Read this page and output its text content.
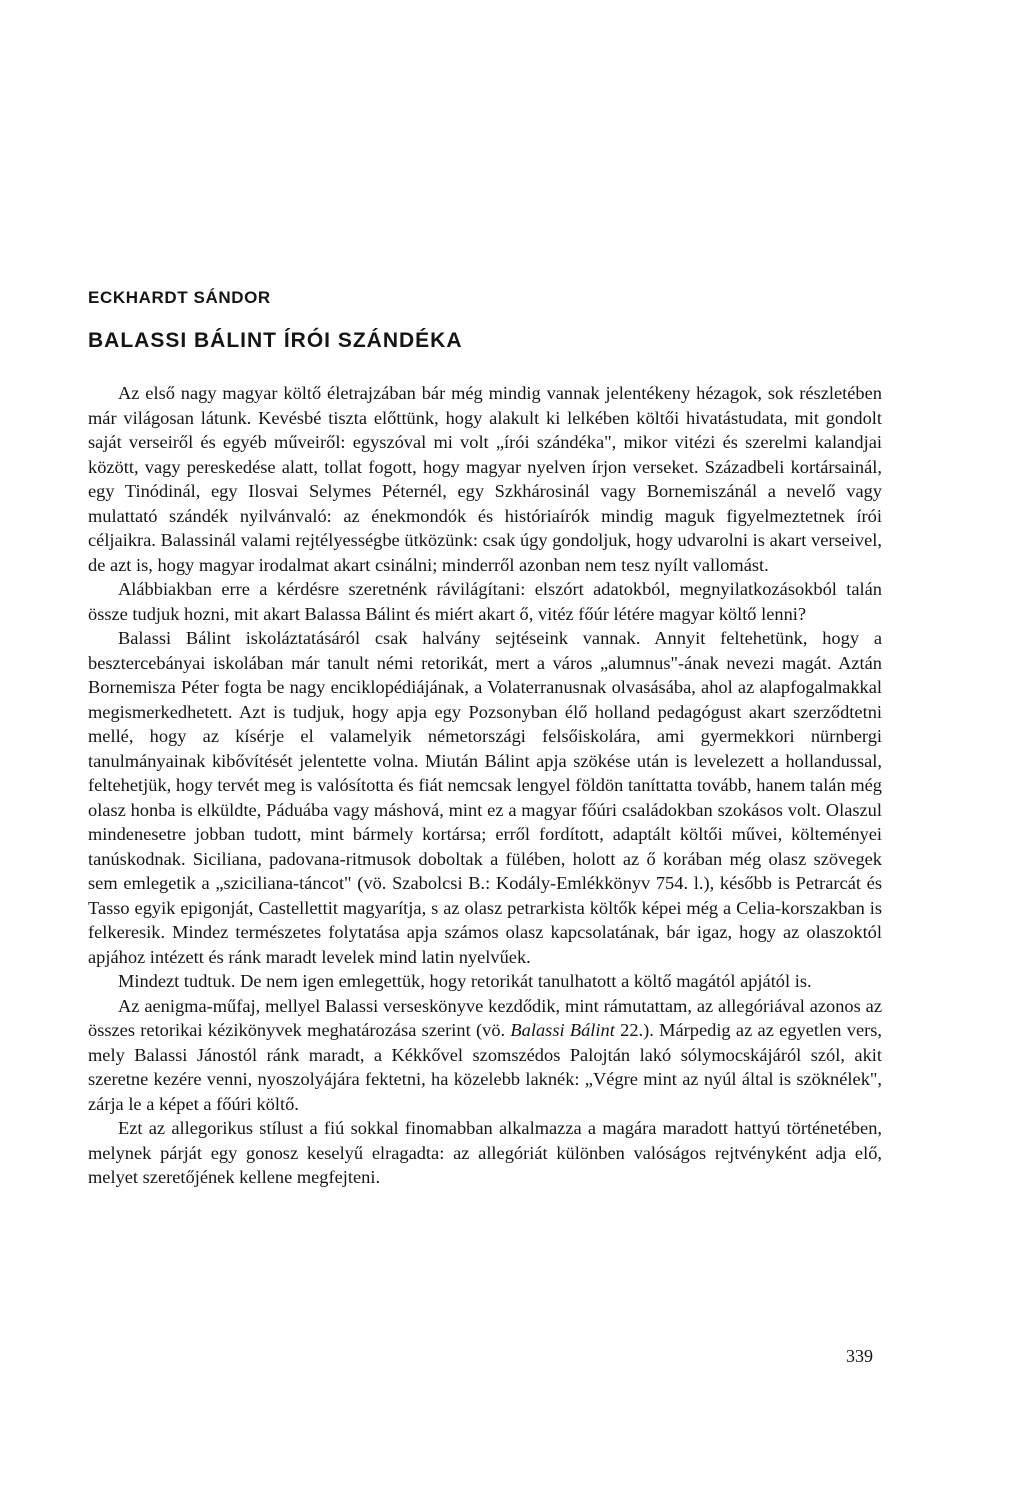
ECKHARDT SÁNDOR
BALASSI BÁLINT ÍRÓI SZÁNDÉKA

Az első nagy magyar költő életrajzában bár még mindig vannak jelentékeny hézagok, sok részletében már világosan látunk. Kevésbé tiszta előttünk, hogy alakult ki lelkében költői hivatástudata, mit gondolt saját verseiről és egyéb műveiről: egyszóval mi volt „írói szándéka", mikor vitézi és szerelmi kalandjai között, vagy pereskedése alatt, tollat fogott, hogy magyar nyelven írjon verseket. Századbeli kortársainál, egy Tinódinál, egy Ilosvai Selymes Péternél, egy Szkhárosinál vagy Bornemiszánál a nevelő vagy mulattató szándék nyilvánvaló: az énekmondók és históriaírók mindig maguk figyelmeztetnek írói céljaikra. Balassinál valami rejtélyességbe ütközünk: csak úgy gondoljuk, hogy udvarolni is akart verseivel, de azt is, hogy magyar irodalmat akart csinálni; minderről azonban nem tesz nyílt vallomást.

Alábbiakban erre a kérdésre szeretnénk rávilágítani: elszórt adatokból, megnyilatkozásokból talán össze tudjuk hozni, mit akart Balassa Bálint és miért akart ő, vitéz főúr létére magyar költő lenni?

Balassi Bálint iskoláztatásáról csak halvány sejtéseink vannak. Annyit feltehetünk, hogy a besztercebányai iskolában már tanult némi retorikát, mert a város „alumnus"-ának nevezi magát. Aztán Bornemisza Péter fogta be nagy enciklopédiájának, a Volaterranusnak olvasásába, ahol az alapfogalmakkal megismerkedhetett. Azt is tudjuk, hogy apja egy Pozsonyban élő holland pedagógust akart szerződtetni mellé, hogy az kísérje el valamelyik németországi felsőiskolára, ami gyermekkori nürnbergi tanulmányainak kibővítését jelentette volna. Miután Bálint apja szökése után is levelezett a hollandussal, feltehetjük, hogy tervét meg is valósította és fiát nemcsak lengyel földön taníttatta tovább, hanem talán még olasz honba is elküldte, Páduába vagy máshová, mint ez a magyar főúri családokban szokásos volt. Olaszul mindenesetre jobban tudott, mint bármely kortársa; erről fordított, adaptált költői művei, költeményei tanúskodnak. Siciliana, padovana-ritmusok doboltak a fülében, holott az ő korában még olasz szövegek sem emlegetik a „sziciliana-táncot" (vö. Szabolcsi B.: Kodály-Emlékkönyv 754. l.), később is Petrarcát és Tasso egyik epigonját, Castellettit magyarítja, s az olasz petrarkista költők képei még a Celia-korszakban is felkeresik. Mindez természetes folytatása apja számos olasz kapcsolatának, bár igaz, hogy az olaszoktól apjához intézett és ránk maradt levelek mind latin nyelvűek.

Mindezt tudtuk. De nem igen emlegettük, hogy retorikát tanulhatott a költő magától apjától is.

Az aenigma-műfaj, mellyel Balassi verseskönyve kezdődik, mint rámutattam, az allegóriával azonos az összes retorikai kézikönyvek meghatározása szerint (vö. Balassi Bálint 22.). Márpedig az az egyetlen vers, mely Balassi Jánostól ránk maradt, a Kékkővel szomszédos Palojtán lakó sólymocskájáról szól, akit szeretne kezére venni, nyoszolyájára fektetni, ha közelebb laknék: „Végre mint az nyúl által is szöknélek", zárja le a képet a főúri költő.

Ezt az allegorikus stílust a fiú sokkal finomabban alkalmazza a magára maradott hattyú történetében, melynek párját egy gonosz keselyű elragadta: az allegóriát különben valóságos rejtvényként adja elő, melyet szeretőjének kellene megfejteni.

339
